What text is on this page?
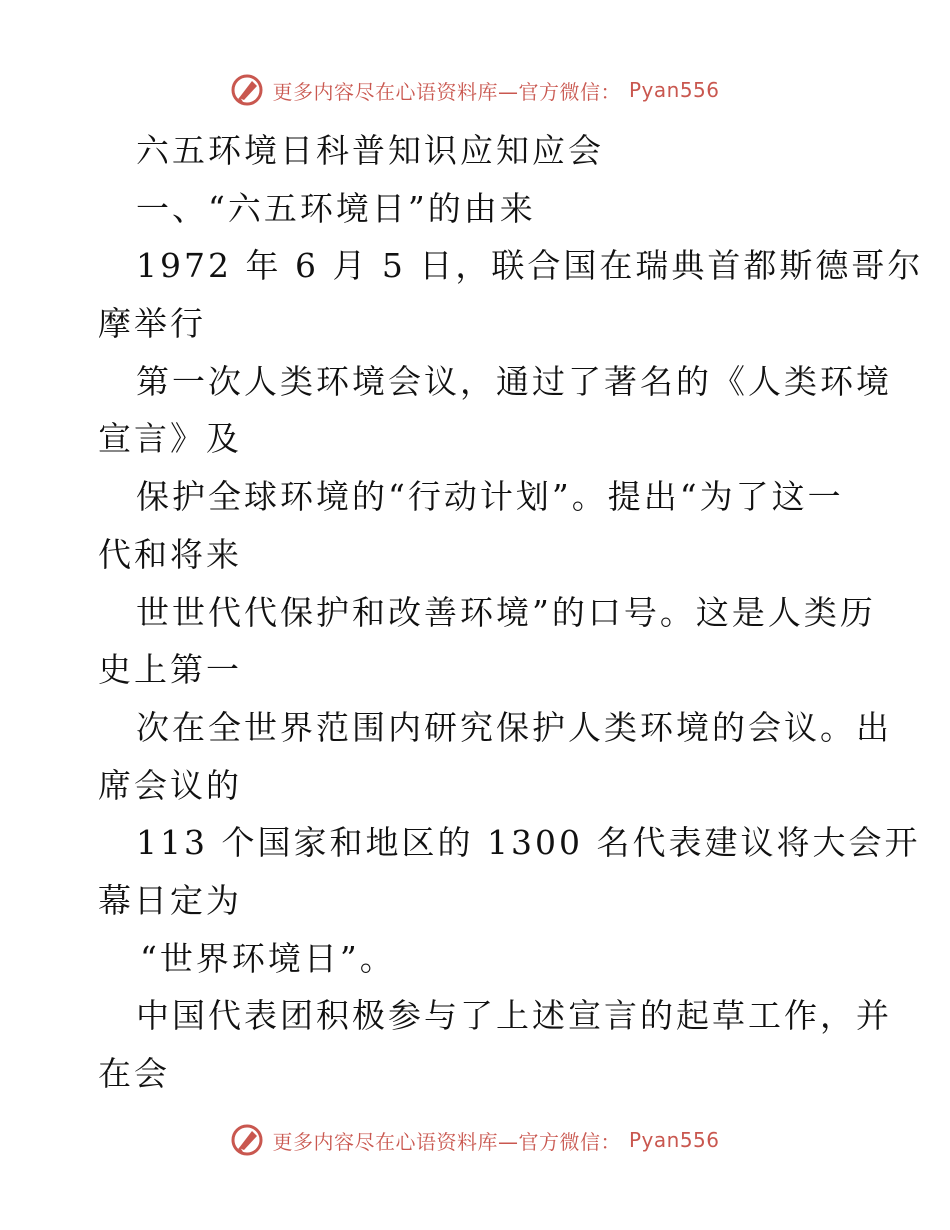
更多内容尽在心语资料库—官方微信： Pyan556
六五环境日科普知识应知应会
一、“六五环境日”的由来
1972 年 6 月 5 日，联合国在瑞典首都斯德哥尔
摩举行
第一次人类环境会议，通过了著名的《人类环境
宣言》及
保护全球环境的“行动计划”。提出“为了这一
代和将来
世世代代保护和改善环境”的口号。这是人类历
史上第一
次在全世界范围内研究保护人类环境的会议。出
席会议的
113 个国家和地区的 1300 名代表建议将大会开
幕日定为
“世界环境日”。
中国代表团积极参与了上述宣言的起草工作，并
在会
更多内容尽在心语资料库—官方微信： Pyan556
